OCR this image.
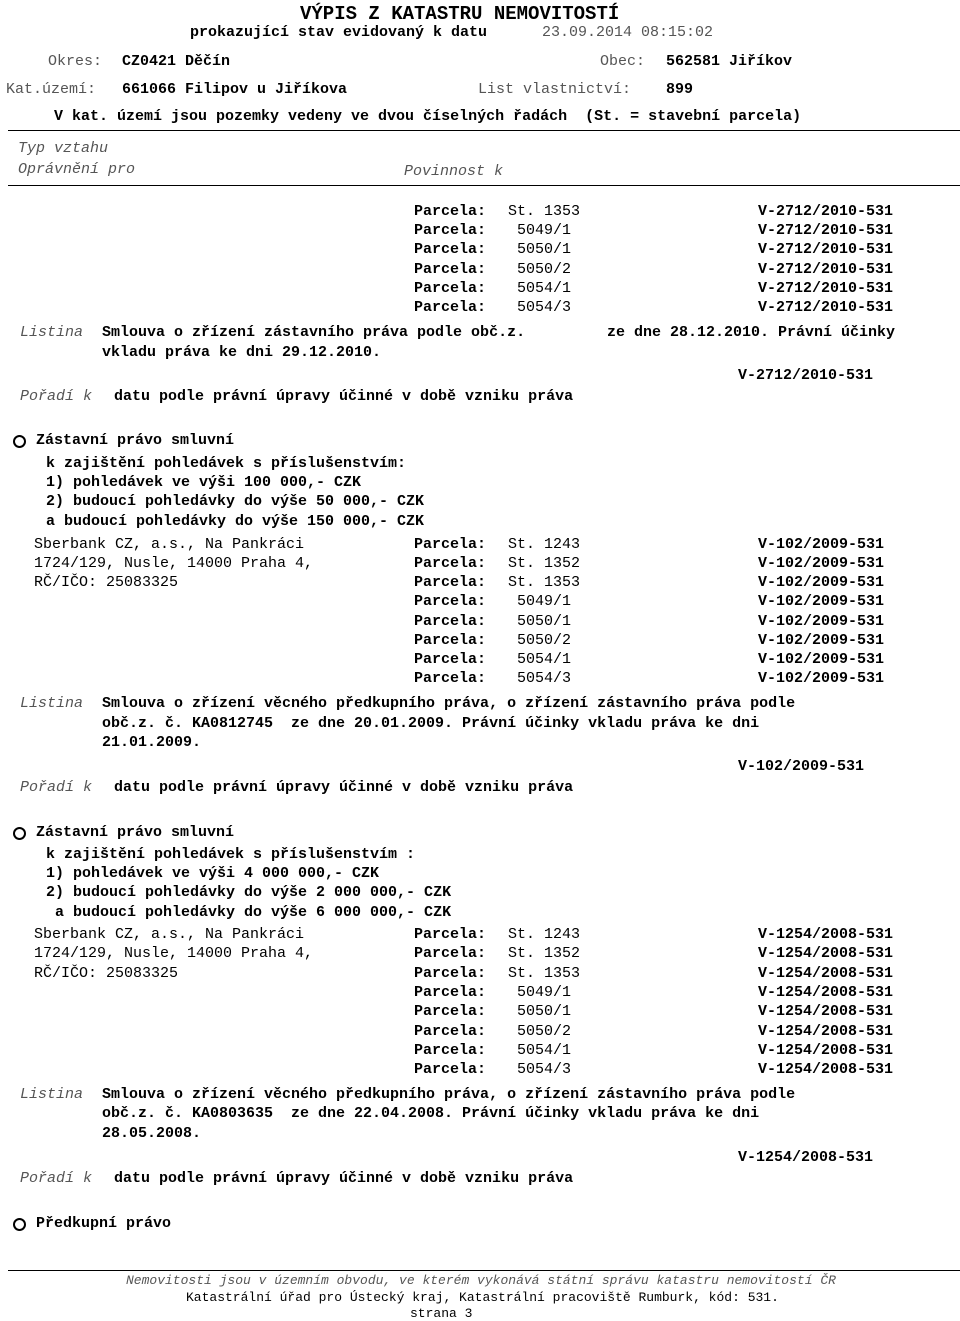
VÝPIS Z KATASTRU NEMOVITOSTÍ
prokazující stav evidovaný k datu	23.09.2014 08:15:02
Okres: CZ0421 Děčín	Obec: 562581 Jiříkov
Kat.území: 661066 Filipov u Jiříkova	List vlastnictví: 899
V kat. území jsou pozemky vedeny ve dvou číselných řadách  (St. = stavební parcela)
Typ vztahu
Oprávnění pro	Povinnost k
Parcela: St. 1353	V-2712/2010-531
Parcela: 5049/1	V-2712/2010-531
Parcela: 5050/1	V-2712/2010-531
Parcela: 5050/2	V-2712/2010-531
Parcela: 5054/1	V-2712/2010-531
Parcela: 5054/3	V-2712/2010-531
Listina Smlouva o zřízení zástavního práva podle obč.z.	ze dne 28.12.2010. Právní účinky
vkladu práva ke dni 29.12.2010.
V-2712/2010-531
Pořadí k datu podle právní úpravy účinné v době vzniku práva
Zástavní právo smluvní
k zajištění pohledávek s příslušenstvím:
1) pohledávek ve výši 100 000,- CZK
2) budoucí pohledávky do výše 50 000,- CZK
a budoucí pohledávky do výše 150 000,- CZK
Sberbank CZ, a.s., Na Pankráci
1724/129, Nusle, 14000 Praha 4,
RČ/IČO: 25083325
Parcela: St. 1243	V-102/2009-531
Parcela: St. 1352	V-102/2009-531
Parcela: St. 1353	V-102/2009-531
Parcela: 5049/1	V-102/2009-531
Parcela: 5050/1	V-102/2009-531
Parcela: 5050/2	V-102/2009-531
Parcela: 5054/1	V-102/2009-531
Parcela: 5054/3	V-102/2009-531
Listina Smlouva o zřízení věcného předkupního práva, o zřízení zástavního práva podle
obč.z. č. KA0812745  ze dne 20.01.2009. Právní účinky vkladu práva ke dni
21.01.2009.
V-102/2009-531
Pořadí k datu podle právní úpravy účinné v době vzniku práva
Zástavní právo smluvní
k zajištění pohledávek s příslušenstvím :
1) pohledávek ve výši 4 000 000,- CZK
2) budoucí pohledávky do výše 2 000 000,- CZK
a budoucí pohledávky do výše 6 000 000,- CZK
Sberbank CZ, a.s., Na Pankráci
1724/129, Nusle, 14000 Praha 4,
RČ/IČO: 25083325
Parcela: St. 1243	V-1254/2008-531
Parcela: St. 1352	V-1254/2008-531
Parcela: St. 1353	V-1254/2008-531
Parcela: 5049/1	V-1254/2008-531
Parcela: 5050/1	V-1254/2008-531
Parcela: 5050/2	V-1254/2008-531
Parcela: 5054/1	V-1254/2008-531
Parcela: 5054/3	V-1254/2008-531
Listina Smlouva o zřízení věcného předkupního práva, o zřízení zástavního práva podle
obč.z. č. KA0803635  ze dne 22.04.2008. Právní účinky vkladu práva ke dni
28.05.2008.
V-1254/2008-531
Pořadí k datu podle právní úpravy účinné v době vzniku práva
Předkupní právo
Nemovitosti jsou v územním obvodu, ve kterém vykonává státní správu katastru nemovitostí ČR
Katastrální úřad pro Ústecký kraj, Katastrální pracoviště Rumburk, kód: 531.
strana 3
